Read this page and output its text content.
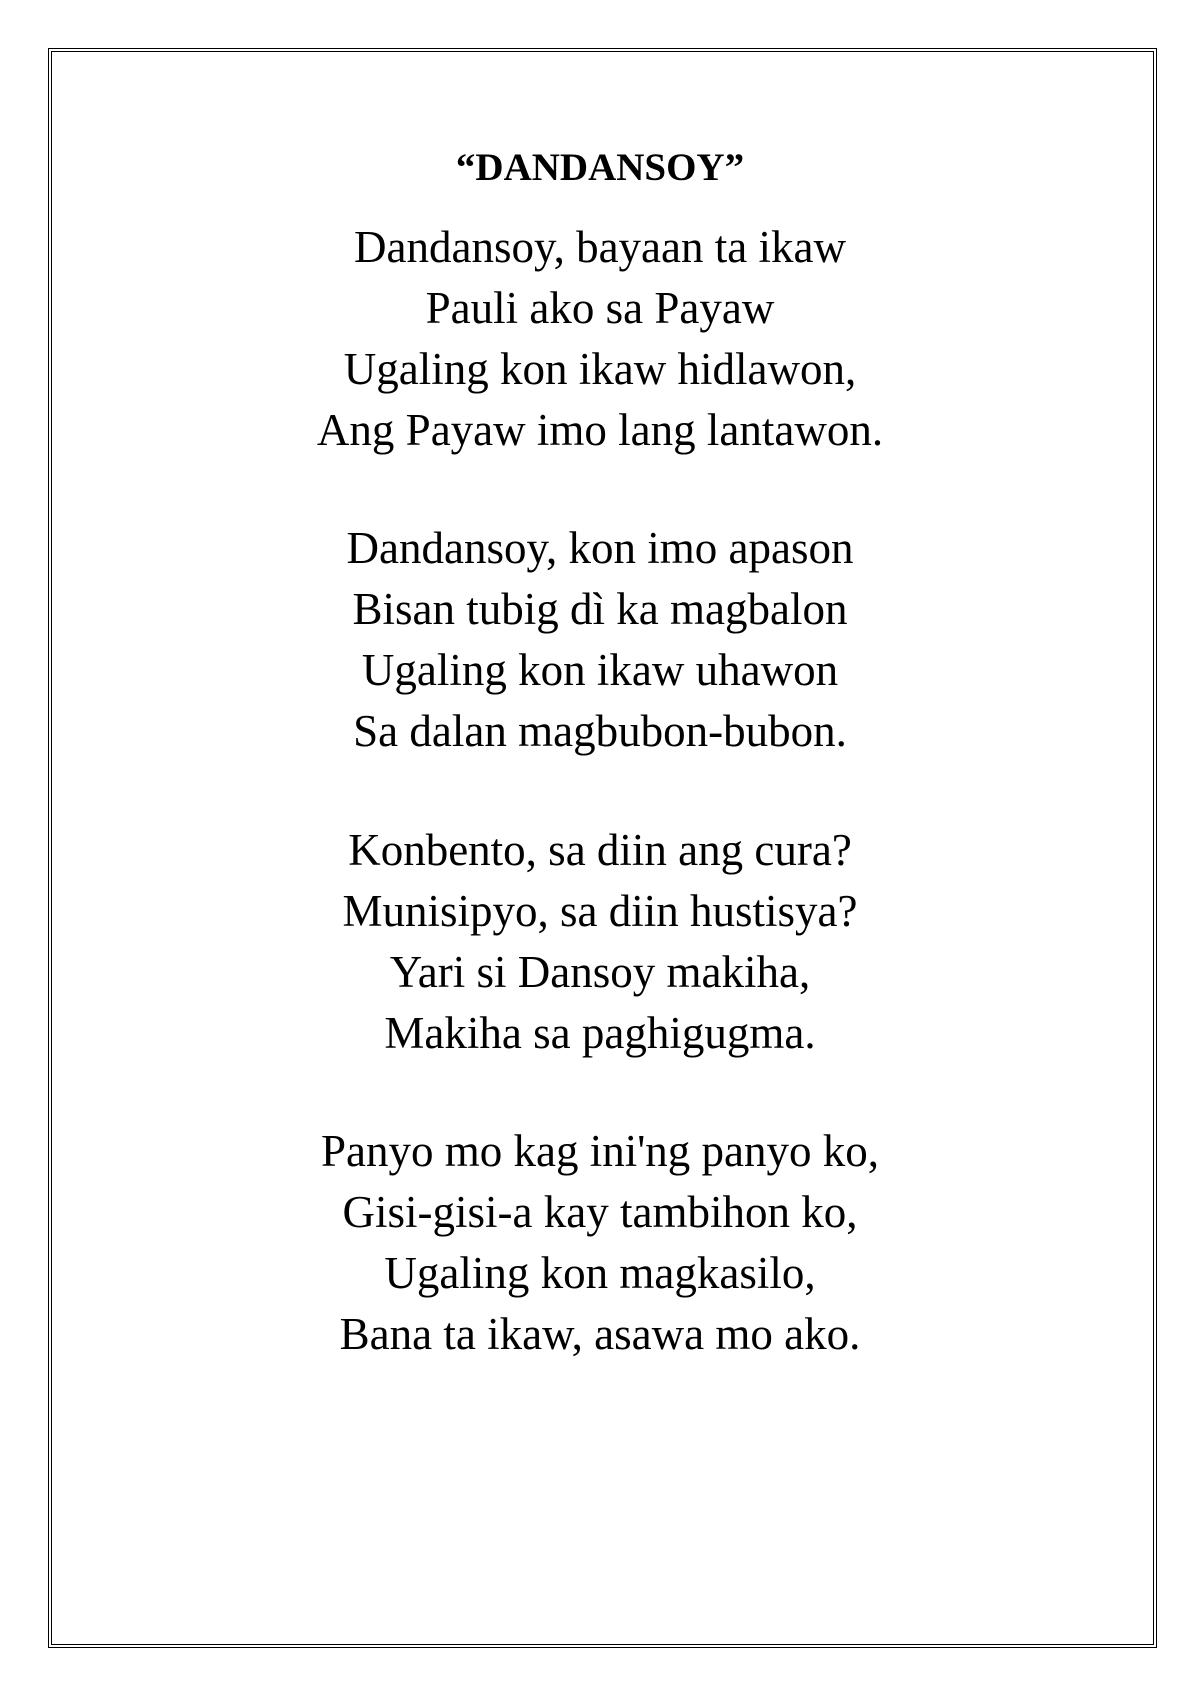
“DANDANSOY”
Dandansoy, bayaan ta ikaw
Pauli ako sa Payaw
Ugaling kon ikaw hidlawon,
Ang Payaw imo lang lantawon.
Dandansoy, kon imo apason
Bisan tubig dì ka magbalon
Ugaling kon ikaw uhawon
Sa dalan magbubon-bubon.
Konbento, sa diin ang cura?
Munisipyo, sa diin hustisya?
Yari si Dansoy makiha,
Makiha sa paghigugma.
Panyo mo kag ini'ng panyo ko,
Gisi-gisi-a kay tambihon ko,
Ugaling kon magkasilo,
Bana ta ikaw, asawa mo ako.
